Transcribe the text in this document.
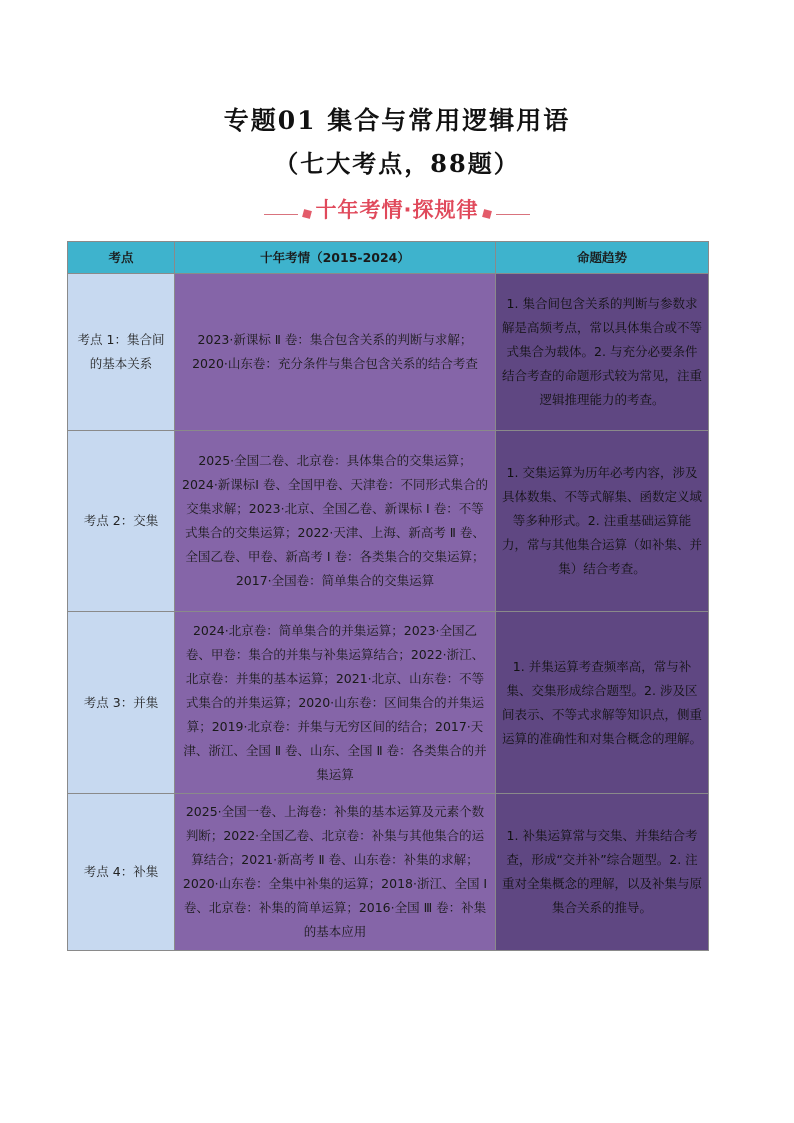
专题01 集合与常用逻辑用语
（七大考点，88题）
十年考情·探规律
考点	十年考情（2015-2024）	命题趋势
考点 1：集合间的基本关系	2023·新课标 Ⅱ 卷：集合包含关系的判断与求解；2020·山东卷：充分条件与集合包含关系的结合考查	1. 集合间包含关系的判断与参数求解是高频考点，常以具体集合或不等式集合为载体。2. 与充分必要条件结合考查的命题形式较为常见，注重逻辑推理能力的考查。
考点 2：交集	2025·全国二卷、北京卷：具体集合的交集运算；2024·新课标Ⅰ 卷、全国甲卷、天津卷：不同形式集合的交集求解；2023·北京、全国乙卷、新课标 Ⅰ 卷：不等式集合的交集运算；2022·天津、上海、新高考 Ⅱ 卷、全国乙卷、甲卷、新高考 Ⅰ 卷：各类集合的交集运算；2017·全国卷：简单集合的交集运算	1. 交集运算为历年必考内容，涉及具体数集、不等式解集、函数定义域等多种形式。2. 注重基础运算能力，常与其他集合运算（如补集、并集）结合考查。
考点 3：并集	2024·北京卷：简单集合的并集运算；2023·全国乙卷、甲卷：集合的并集与补集运算结合；2022·浙江、北京卷：并集的基本运算；2021·北京、山东卷：不等式集合的并集运算；2020·山东卷：区间集合的并集运算；2019·北京卷：并集与无穷区间的结合；2017·天津、浙江、全国 Ⅱ 卷、山东、全国 Ⅱ 卷：各类集合的并集运算	1. 并集运算考查频率高，常与补集、交集形成综合题型。2. 涉及区间表示、不等式求解等知识点，侧重运算的准确性和对集合概念的理解。
考点 4：补集	2025·全国一卷、上海卷：补集的基本运算及元素个数判断；2022·全国乙卷、北京卷：补集与其他集合的运算结合；2021·新高考 Ⅱ 卷、山东卷：补集的求解；2020·山东卷：全集中补集的运算；2018·浙江、全国 Ⅰ 卷、北京卷：补集的简单运算；2016·全国 Ⅲ 卷：补集的基本应用	1. 补集运算常与交集、并集结合考查，形成“交并补”综合题型。2. 注重对全集概念的理解，以及补集与原集合关系的推导。
